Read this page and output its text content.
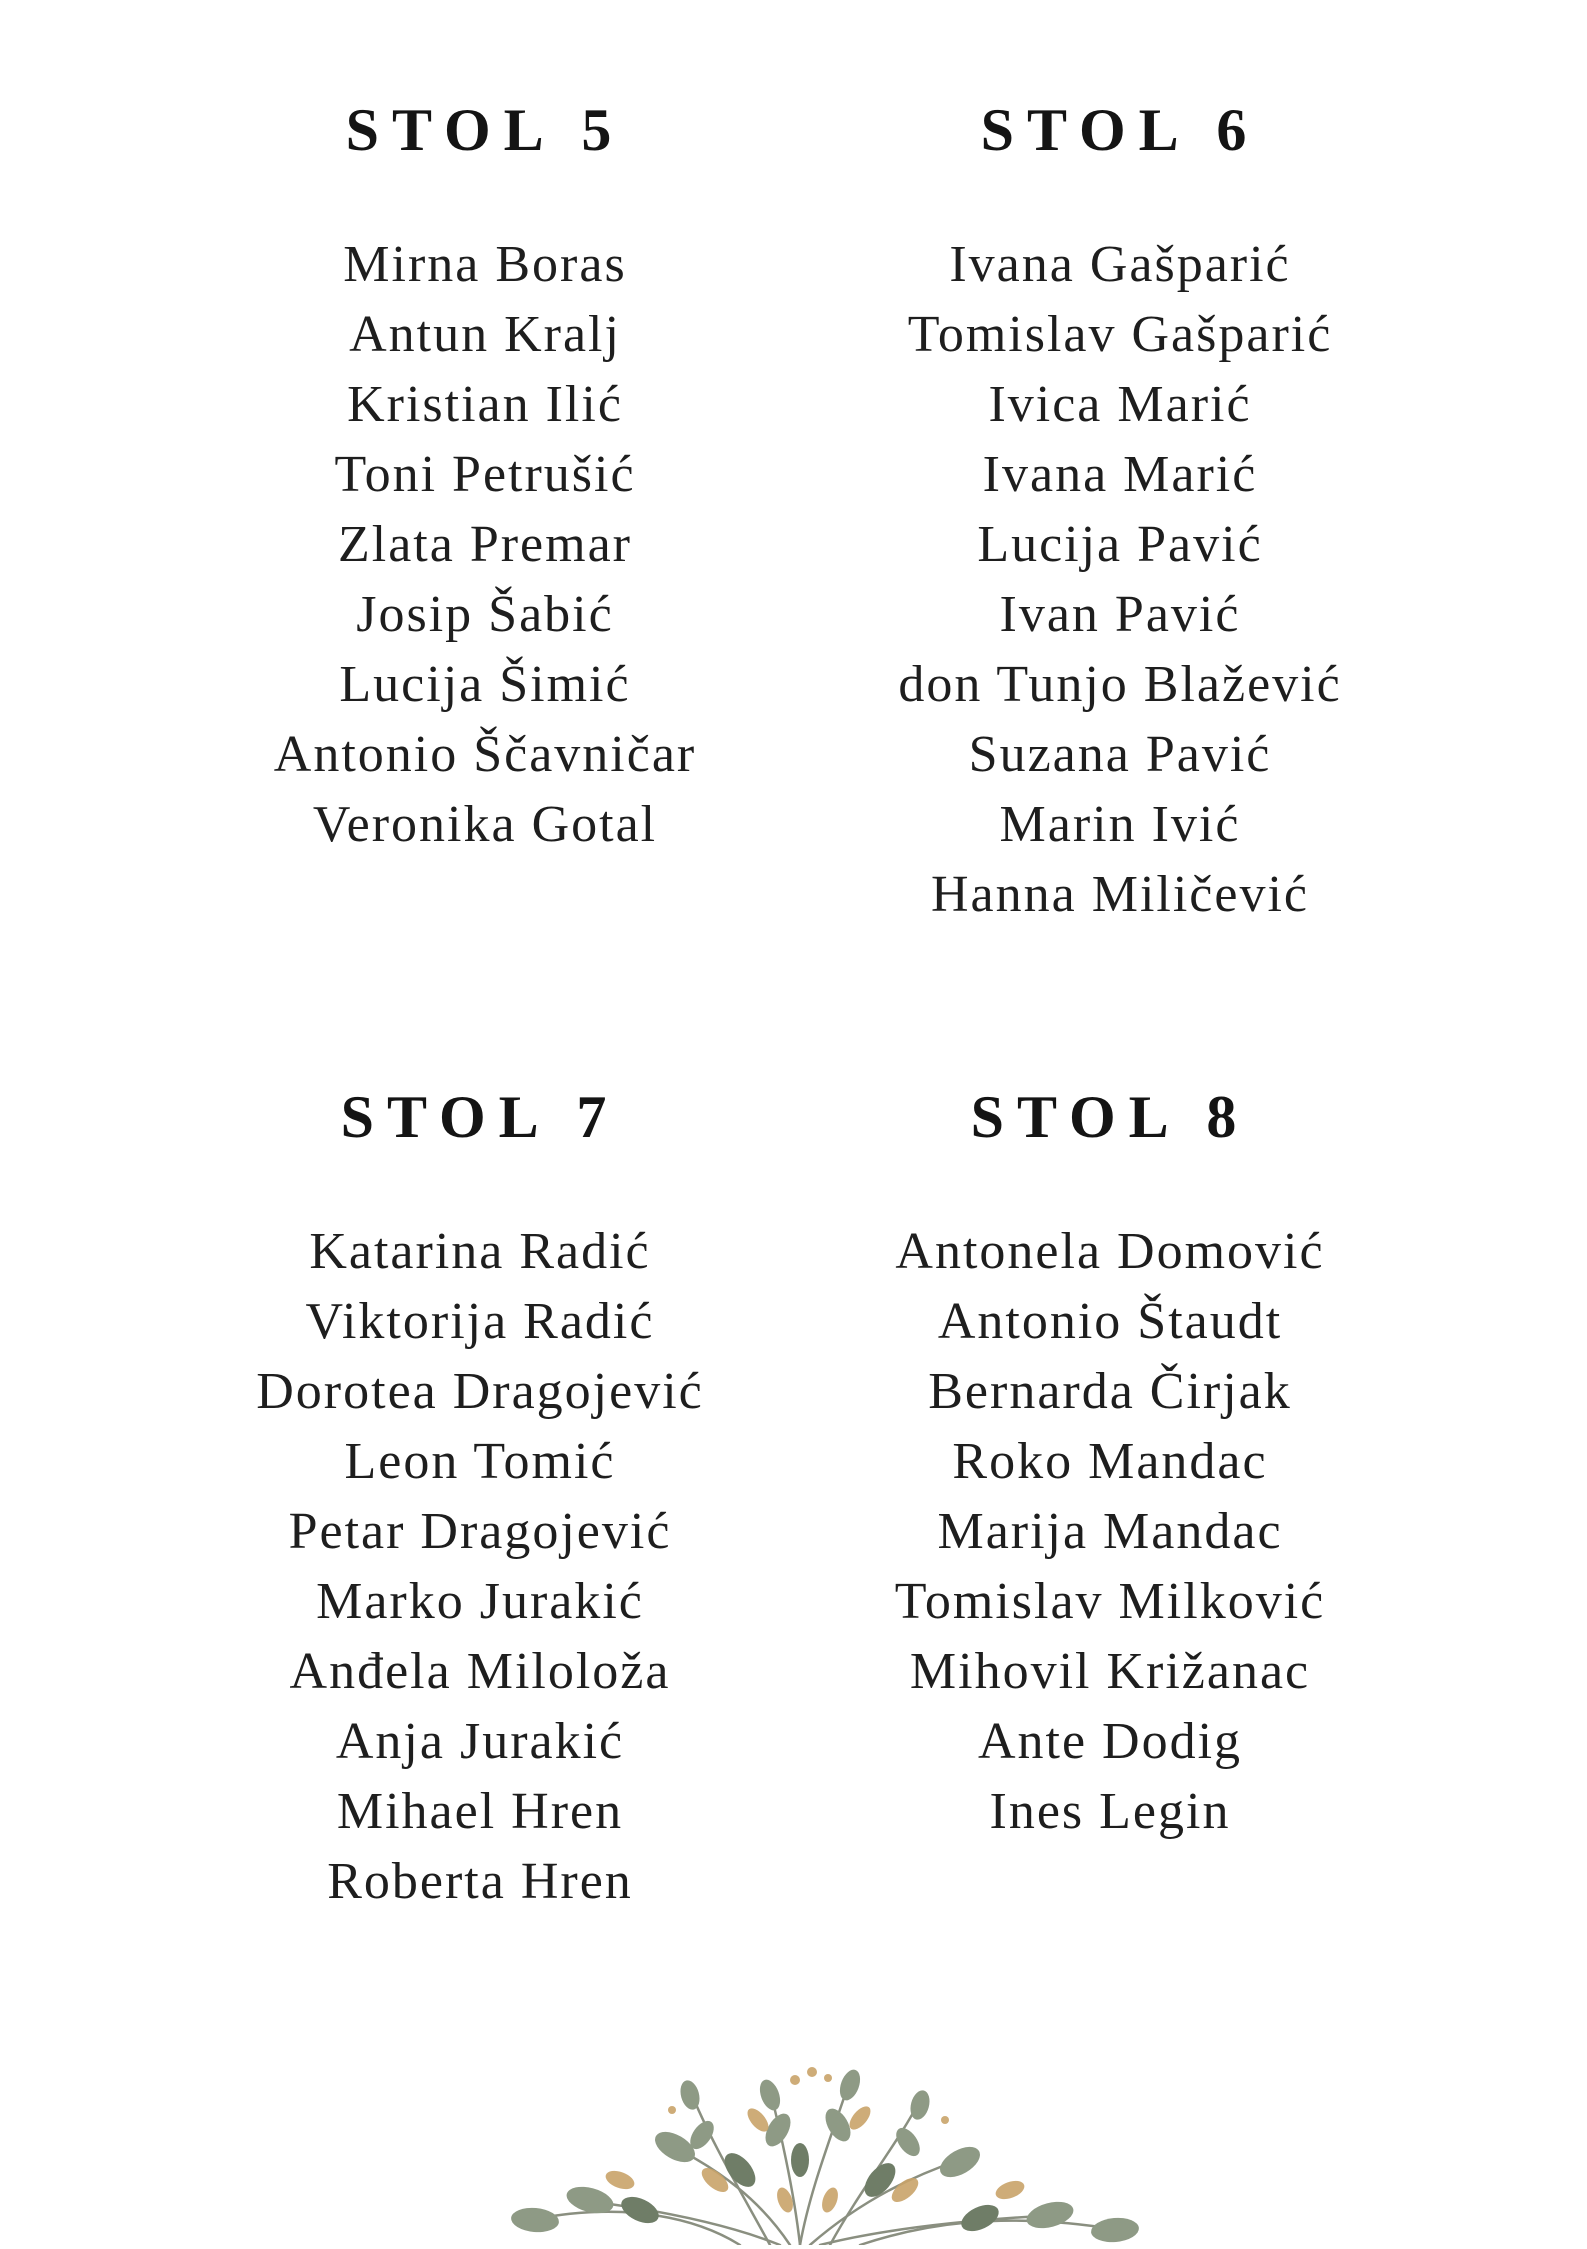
STOL 5
Mirna Boras
Antun Kralj
Kristian Ilić
Toni Petrušić
Zlata Premar
Josip Šabić
Lucija Šimić
Antonio Ščavničar
Veronika Gotal
STOL 6
Ivana Gašparić
Tomislav Gašparić
Ivica Marić
Ivana Marić
Lucija Pavić
Ivan Pavić
don Tunjo Blažević
Suzana Pavić
Marin Ivić
Hanna Miličević
STOL 7
Katarina Radić
Viktorija Radić
Dorotea Dragojević
Leon Tomić
Petar Dragojević
Marko Jurakić
Anđela Miloloža
Anja Jurakić
Mihael Hren
Roberta Hren
STOL 8
Antonela Domović
Antonio Štaudt
Bernarda Čirjak
Roko Mandac
Marija Mandac
Tomislav Milković
Mihovil Križanac
Ante Dodig
Ines Legin
